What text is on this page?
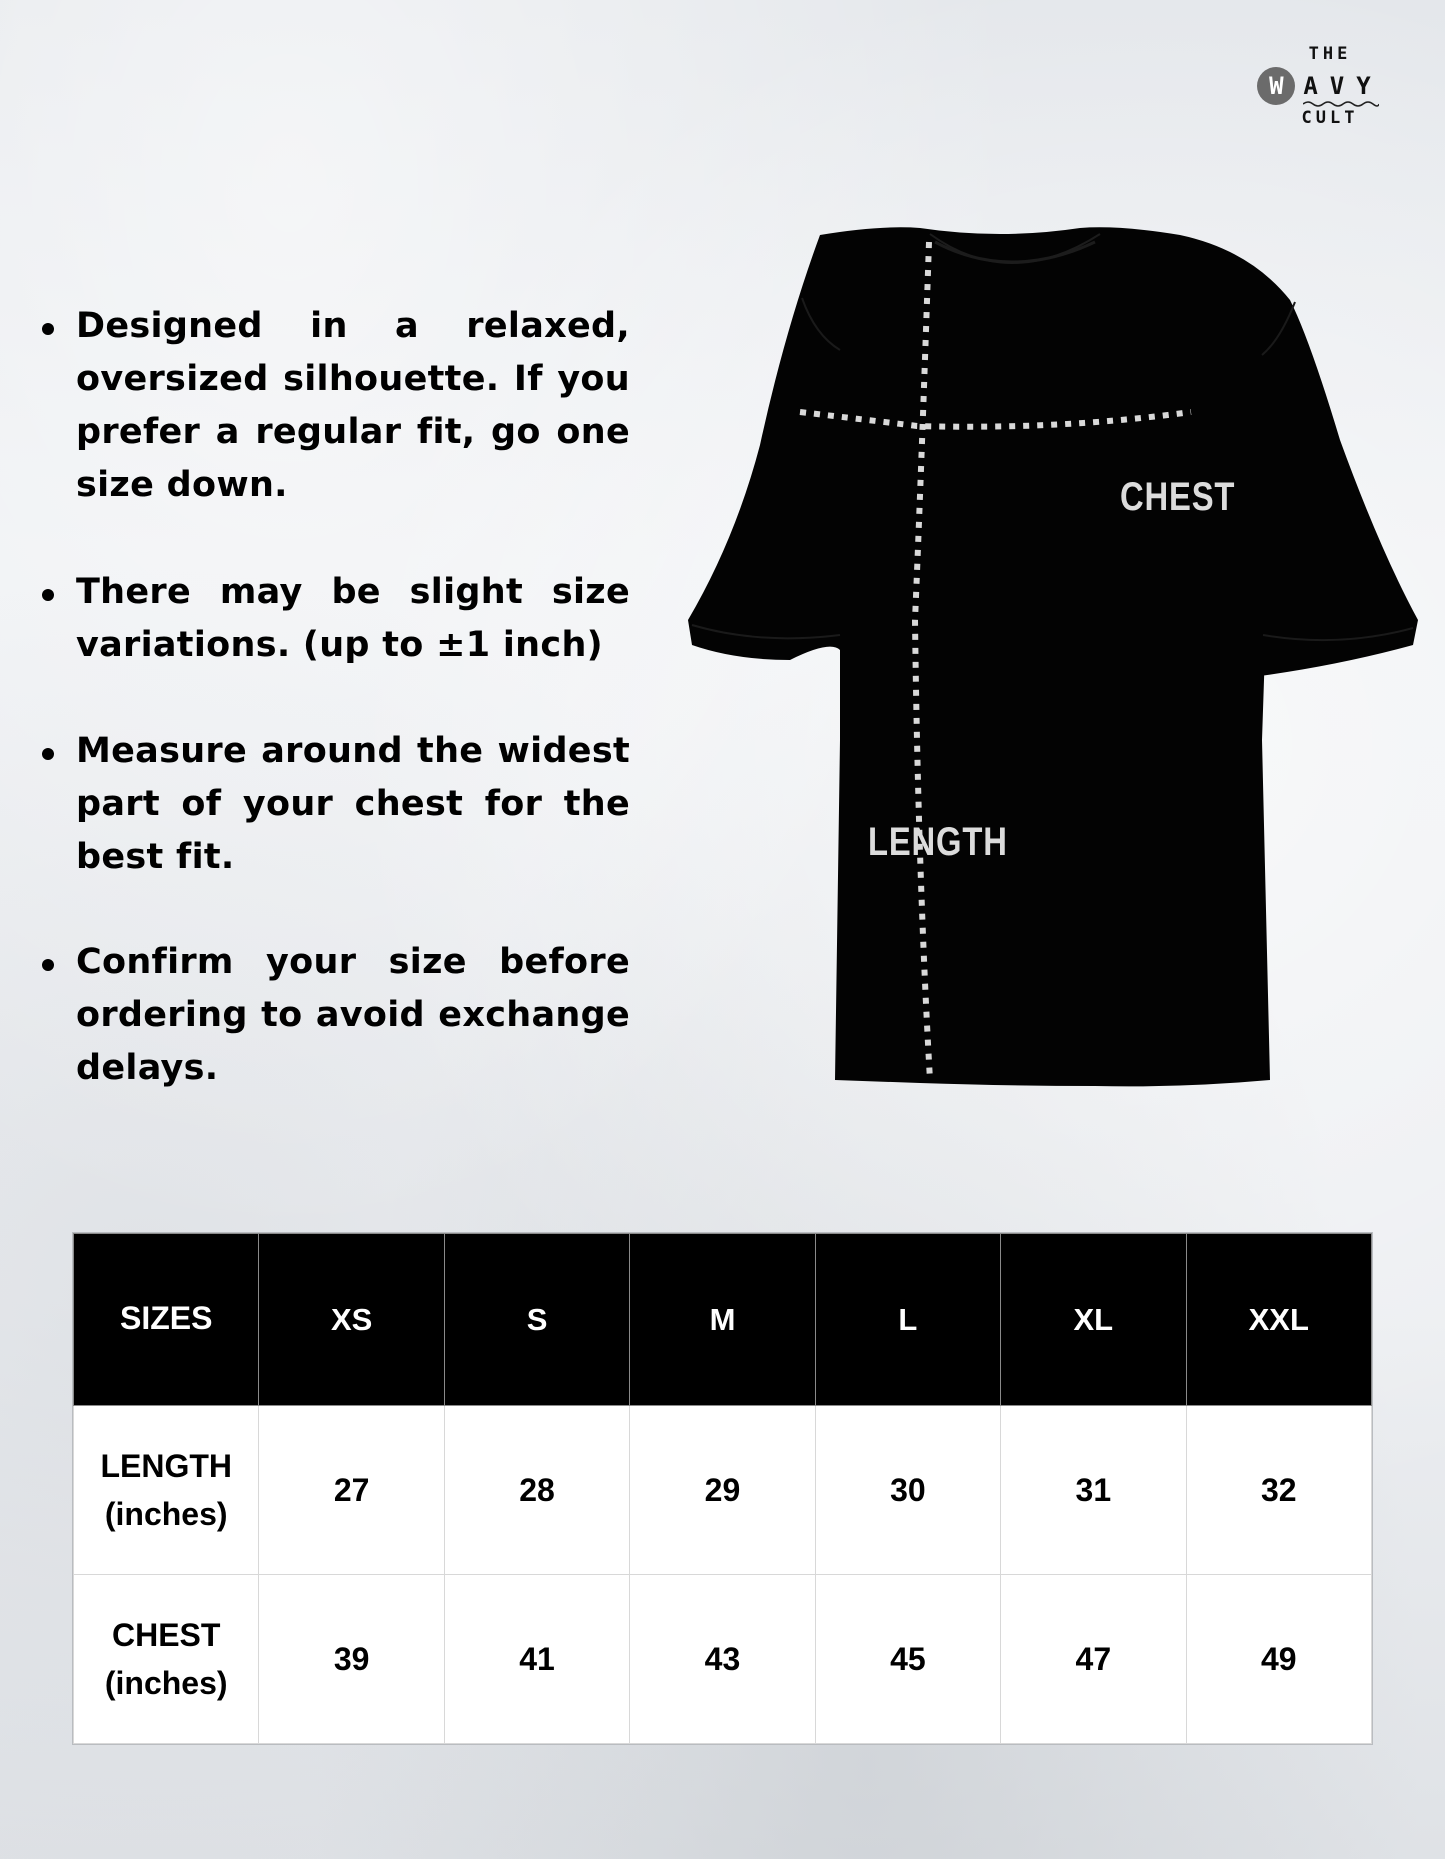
THE
W AVY
CULT
Designed in a relaxed, oversized silhouette. If you prefer a regular fit, go one size down.
There may be slight size variations. (up to ±1 inch)
Measure around the widest part of your chest for the best fit.
Confirm your size before ordering to avoid exchange delays.
CHEST
LENGTH
SIZES	XS	S	M	L	XL	XXL

LENGTH
(inches)	27	28	29	30	31	32

CHEST
(inches)	39	41	43	45	47	49
